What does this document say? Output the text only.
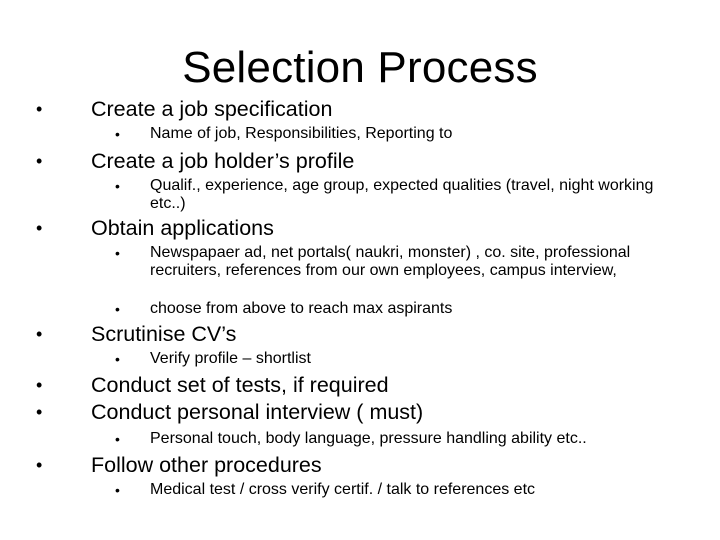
Selection Process
• Create a job specification
• Name of job, Responsibilities, Reporting to
• Create a job holder’s profile
• Qualif., experience, age group, expected qualities (travel, night working etc..)
• Obtain applications
• Newspapaer ad, net portals( naukri, monster) , co. site, professional recruiters, references from our own employees, campus interview,
• choose from above to reach max aspirants
• Scrutinise CV’s
• Verify profile – shortlist
• Conduct set of tests, if required
• Conduct personal interview ( must)
• Personal touch, body language, pressure handling ability etc..
• Follow other procedures
• Medical test / cross verify certif. / talk to references etc
